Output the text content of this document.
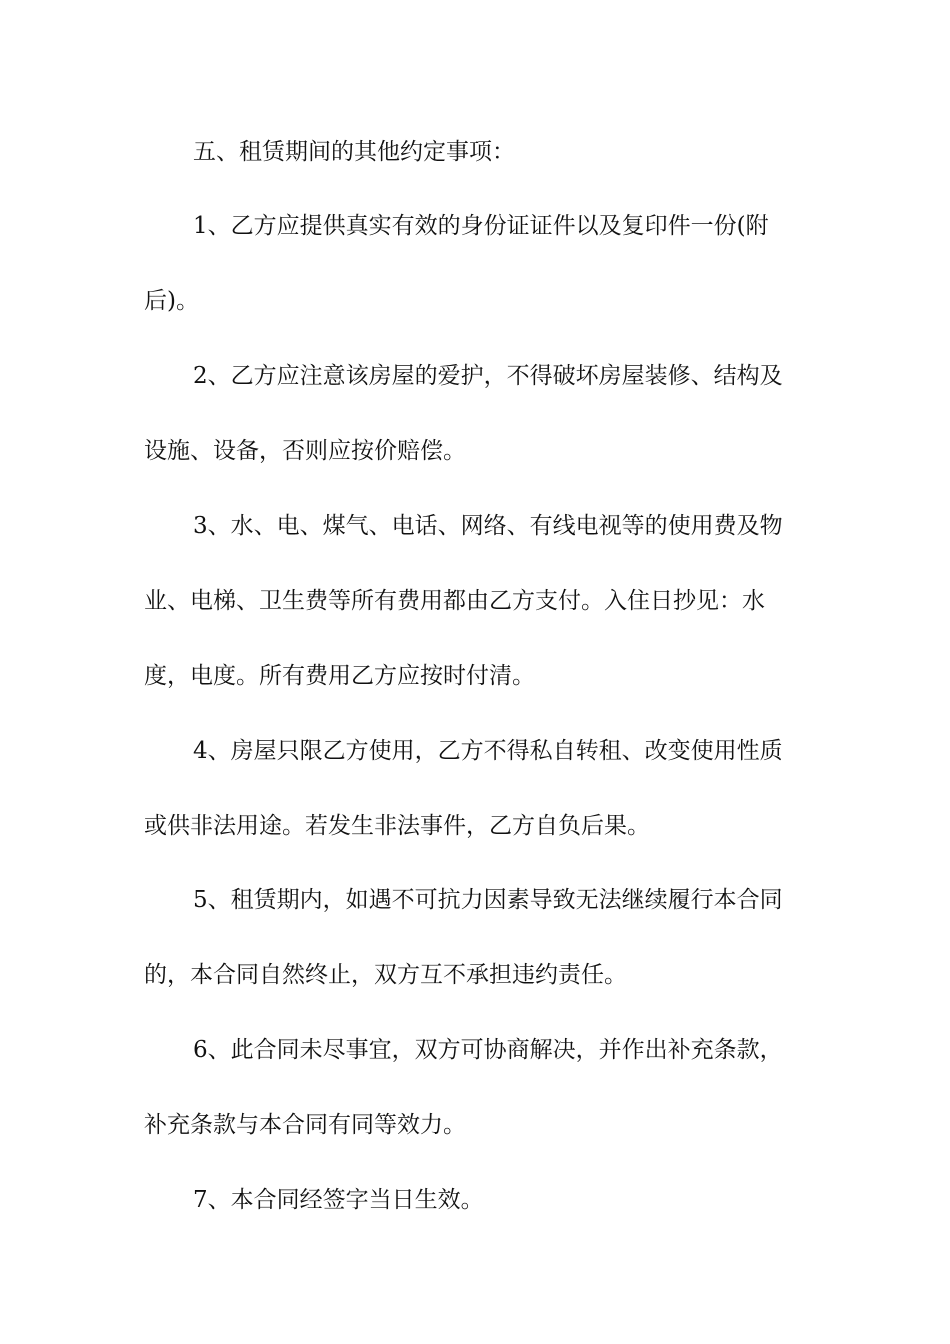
五、租赁期间的其他约定事项：
1、乙方应提供真实有效的身份证证件以及复印件一份(附
后)。
2、乙方应注意该房屋的爱护，不得破坏房屋装修、结构及
设施、设备，否则应按价赔偿。
3、水、电、煤气、电话、网络、有线电视等的使用费及物
业、电梯、卫生费等所有费用都由乙方支付。入住日抄见：水
度，电度。所有费用乙方应按时付清。
4、房屋只限乙方使用，乙方不得私自转租、改变使用性质
或供非法用途。若发生非法事件，乙方自负后果。
5、租赁期内，如遇不可抗力因素导致无法继续履行本合同
的，本合同自然终止，双方互不承担违约责任。
6、此合同未尽事宜，双方可协商解决，并作出补充条款，
补充条款与本合同有同等效力。
7、本合同经签字当日生效。
